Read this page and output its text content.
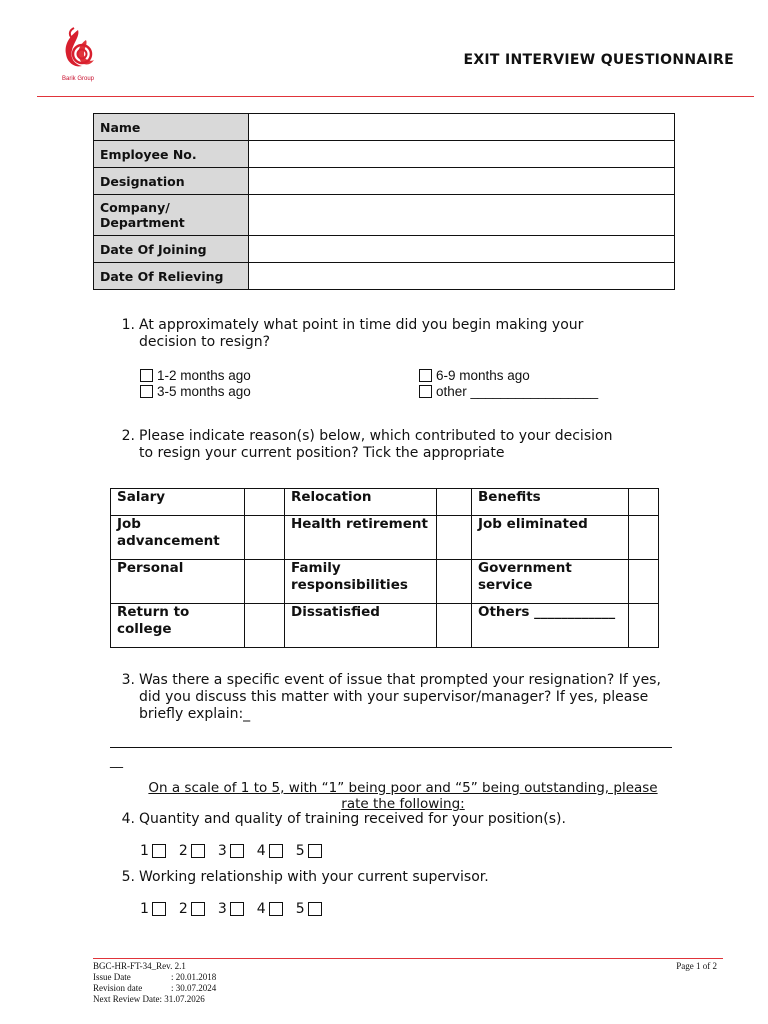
Barik Group
EXIT INTERVIEW QUESTIONNAIRE
Name	
Employee No.	
Designation	
Company/ Department	
Date Of Joining	
Date Of Relieving	
1. At approximately what point in time did you begin making your
decision to resign?
1-2 months ago
3-5 months ago
6-9 months ago
other _________________
2. Please indicate reason(s) below, which contributed to your decision
to resign your current position? Tick the appropriate
Salary		Relocation		Benefits	
Job advancement		Health retirement		Job eliminated	
Personal		Family responsibilities		Government service	
Return to college		Dissatisfied		Others ____________	
3. Was there a specific event of issue that prompted your resignation? If yes,
did you discuss this matter with your supervisor/manager? If yes, please
briefly explain:_
__
On a scale of 1 to 5, with “1” being poor and “5” being outstanding, please
rate the following:
4. Quantity and quality of training received for your position(s).
1 2 3 4 5
5. Working relationship with your current supervisor.
1 2 3 4 5
BGC-HR-FT-34_Rev. 2.1
Issue Date	: 20.01.2018
Revision date	: 30.07.2024
Next Review Date: 31.07.2026
Page 1 of 2
